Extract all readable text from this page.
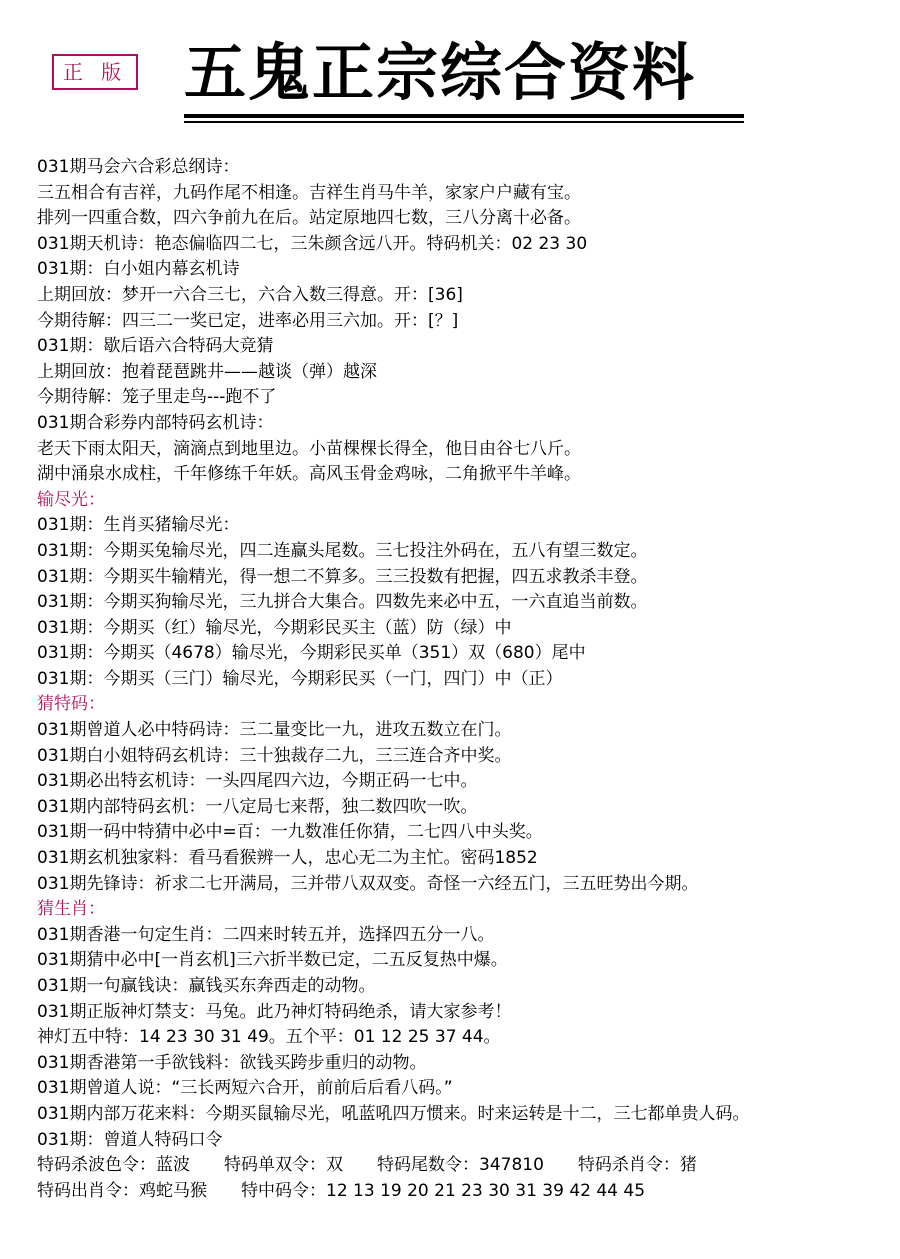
正 版 五鬼正宗综合资料
031期马会六合彩总纲诗：
三五相合有吉祥，九码作尾不相逢。吉祥生肖马牛羊，家家户户藏有宝。
排列一四重合数，四六争前九在后。站定原地四七数，三八分离十必备。
031期天机诗：艳态偏临四二七，三朱颜含远八开。特码机关：02 23 30
031期：白小姐内幕玄机诗
上期回放：梦开一六合三七，六合入数三得意。开：[36]
今期待解：四三二一奖已定，进率必用三六加。开：[？]
031期：歇后语六合特码大竞猜
上期回放：抱着琵琶跳井——越谈（弹）越深
今期待解：笼子里走鸟---跑不了
031期合彩券内部特码玄机诗：
老天下雨太阳天，滴滴点到地里边。小苗棵棵长得全，他日由谷七八斤。
湖中涌泉水成柱，千年修练千年妖。高风玉骨金鸡咏，二角掀平牛羊峰。
输尽光：
031期：生肖买猪输尽光：
031期：今期买兔输尽光，四二连赢头尾数。三七投注外码在，五八有望三数定。
031期：今期买牛输精光，得一想二不算多。三三投数有把握，四五求教杀丰登。
031期：今期买狗输尽光，三九拼合大集合。四数先来必中五，一六直追当前数。
031期：今期买（红）输尽光，今期彩民买主（蓝）防（绿）中
031期：今期买（4678）输尽光，今期彩民买单（351）双（680）尾中
031期：今期买（三门）输尽光，今期彩民买（一门，四门）中（正）
猜特码：
031期曾道人必中特码诗：三二量变比一九，进攻五数立在门。
031期白小姐特码玄机诗：三十独裁存二九，三三连合齐中奖。
031期必出特玄机诗：一头四尾四六边，今期正码一七中。
031期内部特码玄机：一八定局七来帮，独二数四吹一吹。
031期一码中特猜中必中=百：一九数准任你猜，二七四八中头奖。
031期玄机独家料：看马看猴辨一人，忠心无二为主忙。密码1852
031期先锋诗：祈求二七开满局，三并带八双双变。奇怪一六经五门，三五旺势出今期。
猜生肖：
031期香港一句定生肖：二四来时转五并，选择四五分一八。
031期猜中必中[一肖玄机]三六折半数已定，二五反复热中爆。
031期一句赢钱诀：赢钱买东奔西走的动物。
031期正版神灯禁支：马兔。此乃神灯特码绝杀，请大家参考！
神灯五中特：14 23 30 31 49。五个平：01 12 25 37 44。
031期香港第一手欲钱料：欲钱买跨步重归的动物。
031期曾道人说：“三长两短六合开，前前后后看八码。”
031期内部万花来料：今期买鼠输尽光，吼蓝吼四万惯来。时来运转是十二，三七都单贵人码。
031期：曾道人特码口令
特码杀波色令：蓝波　　特码单双令：双　　特码尾数令：347810　　特码杀肖令：猪
特码出肖令：鸡蛇马猴　　特中码令：12 13 19 20 21 23 30 31 39 42 44 45
